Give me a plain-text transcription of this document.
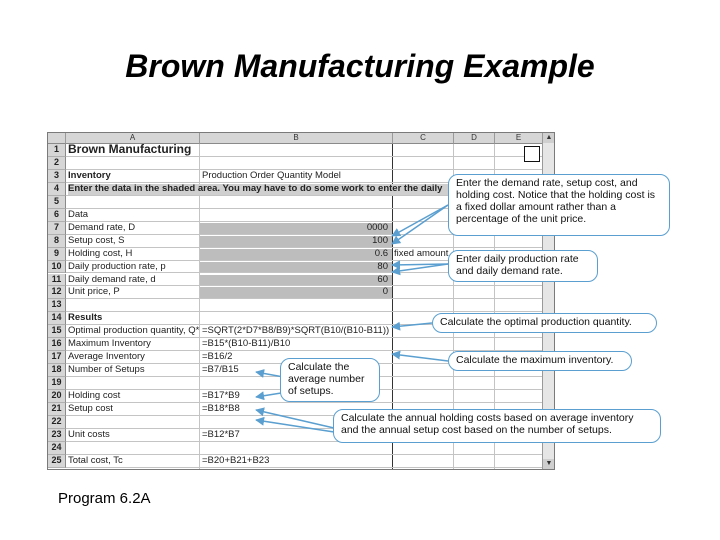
Brown Manufacturing Example
A	B	C	D	E
1 Brown Manufacturing
2
3 Inventory	Production Order Quantity Model
4 Enter the data in the shaded area. You may have to do some work to enter the daily
5
6 Data
7 Demand rate, D	0000
8 Setup cost, S	100
9 Holding cost, H	0.6 fixed amount
10 Daily production rate, p	80
11 Daily demand rate, d	60
12 Unit price, P	0
13
14 Results
15 Optimal production quantity, Q* =SQRT(2*D7*B8/B9)*SQRT(B10/(B10-B11))
16 Maximum Inventory	=B15*(B10-B11)/B10
17 Average Inventory	=B16/2
18 Number of Setups	=B7/B15
19
20 Holding cost	=B17*B9
21 Setup cost	=B18*B8
22
23 Unit costs	=B12*B7
24
25 Total cost, Tc	=B20+B21+B23
▲
▼
Enter the demand rate, setup cost, and holding cost. Notice that the holding cost is a fixed dollar amount rather than a percentage of the unit price.
Enter daily production rate and daily demand rate.
Calculate the optimal production quantity.
Calculate the maximum inventory.
Calculate the average number of setups.
Calculate the annual holding costs based on average inventory and the annual setup cost based on the number of setups.
Program 6.2A
